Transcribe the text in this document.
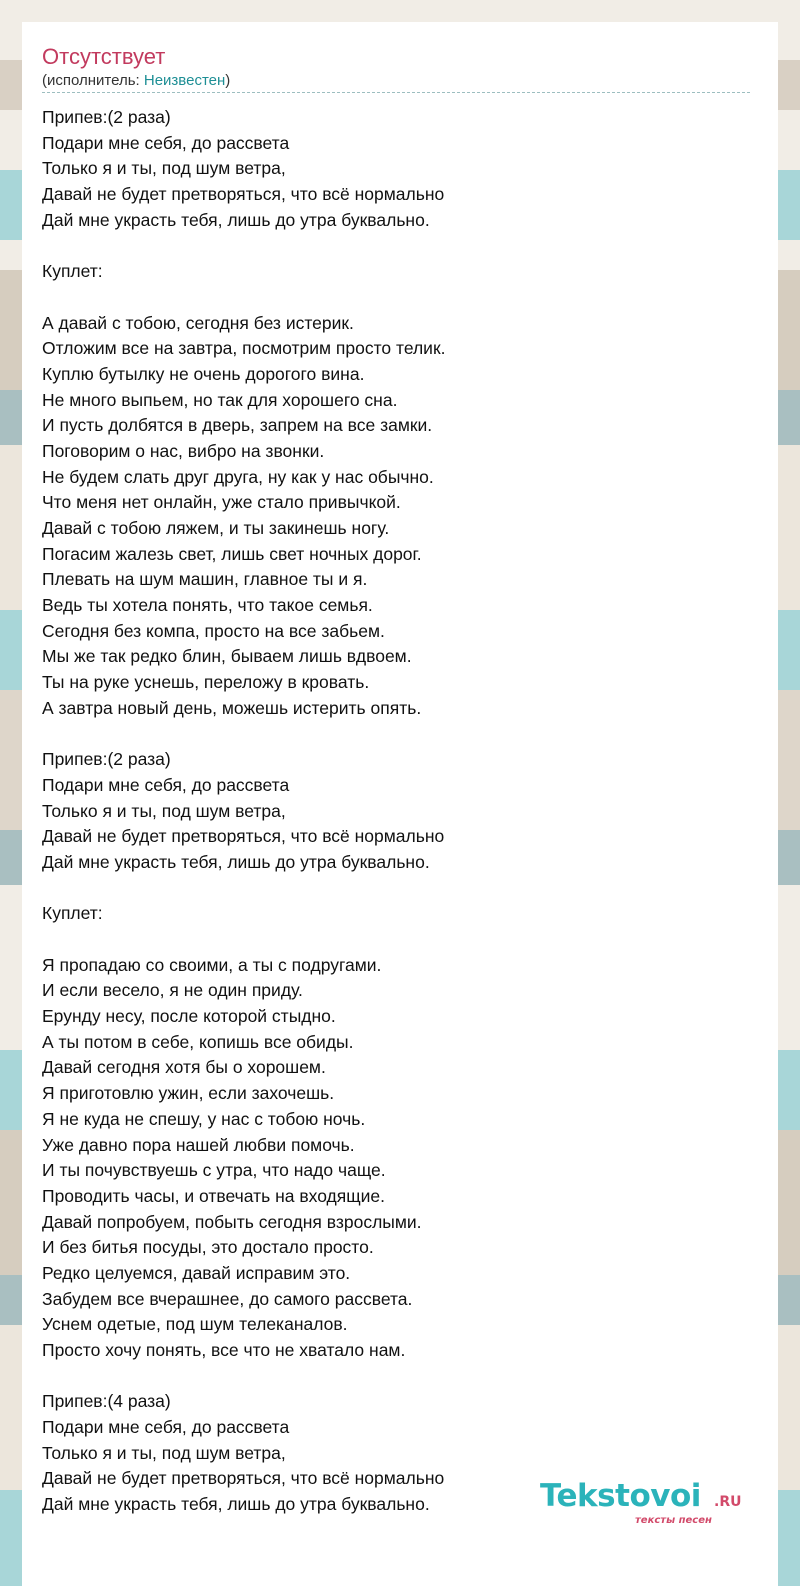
Отсутствует
(исполнитель: Неизвестен)
Припев:(2 раза)
Подари мне себя, до рассвета
Только я и ты, под шум ветра,
Давай не будет претворяться, что всё нормально
Дай мне украсть тебя, лишь до утра буквально.
Куплет:
А давай с тобою, сегодня без истерик.
Отложим все на завтра, посмотрим просто телик.
Куплю бутылку не очень дорогого вина.
Не много выпьем, но так для хорошего сна.
И пусть долбятся в дверь, запрем на все замки.
Поговорим о нас, вибро на звонки.
Не будем слать друг друга, ну как у нас обычно.
Что меня нет онлайн, уже стало привычкой.
Давай с тобою ляжем, и ты закинешь ногу.
Погасим жалезь свет, лишь свет ночных дорог.
Плевать на шум машин, главное ты и я.
Ведь ты хотела понять, что такое семья.
Сегодня без компа, просто на все забьем.
Мы же так редко блин, бываем лишь вдвоем.
Ты на руке уснешь, переложу в кровать.
А завтра новый день, можешь истерить опять.
Припев:(2 раза)
Подари мне себя, до рассвета
Только я и ты, под шум ветра,
Давай не будет претворяться, что всё нормально
Дай мне украсть тебя, лишь до утра буквально.
Куплет:
Я пропадаю со своими, а ты с подругами.
И если весело, я не один приду.
Ерунду несу, после которой стыдно.
А ты потом в себе, копишь все обиды.
Давай сегодня хотя бы о хорошем.
Я приготовлю ужин, если захочешь.
Я не куда не спешу, у нас с тобою ночь.
Уже давно пора нашей любви помочь.
И ты почувствуешь с утра, что надо чаще.
Проводить часы, и отвечать на входящие.
Давай попробуем, побыть сегодня взрослыми.
И без битья посуды, это достало просто.
Редко целуемся, давай исправим это.
Забудем все вчерашнее, до самого рассвета.
Уснем одетые, под шум телеканалов.
Просто хочу понять, все что не хватало нам.
Припев:(4 раза)
Подари мне себя, до рассвета
Только я и ты, под шум ветра,
Давай не будет претворяться, что всё нормально
Дай мне украсть тебя, лишь до утра буквально.	Tekstovoi .RU
тексты песен
